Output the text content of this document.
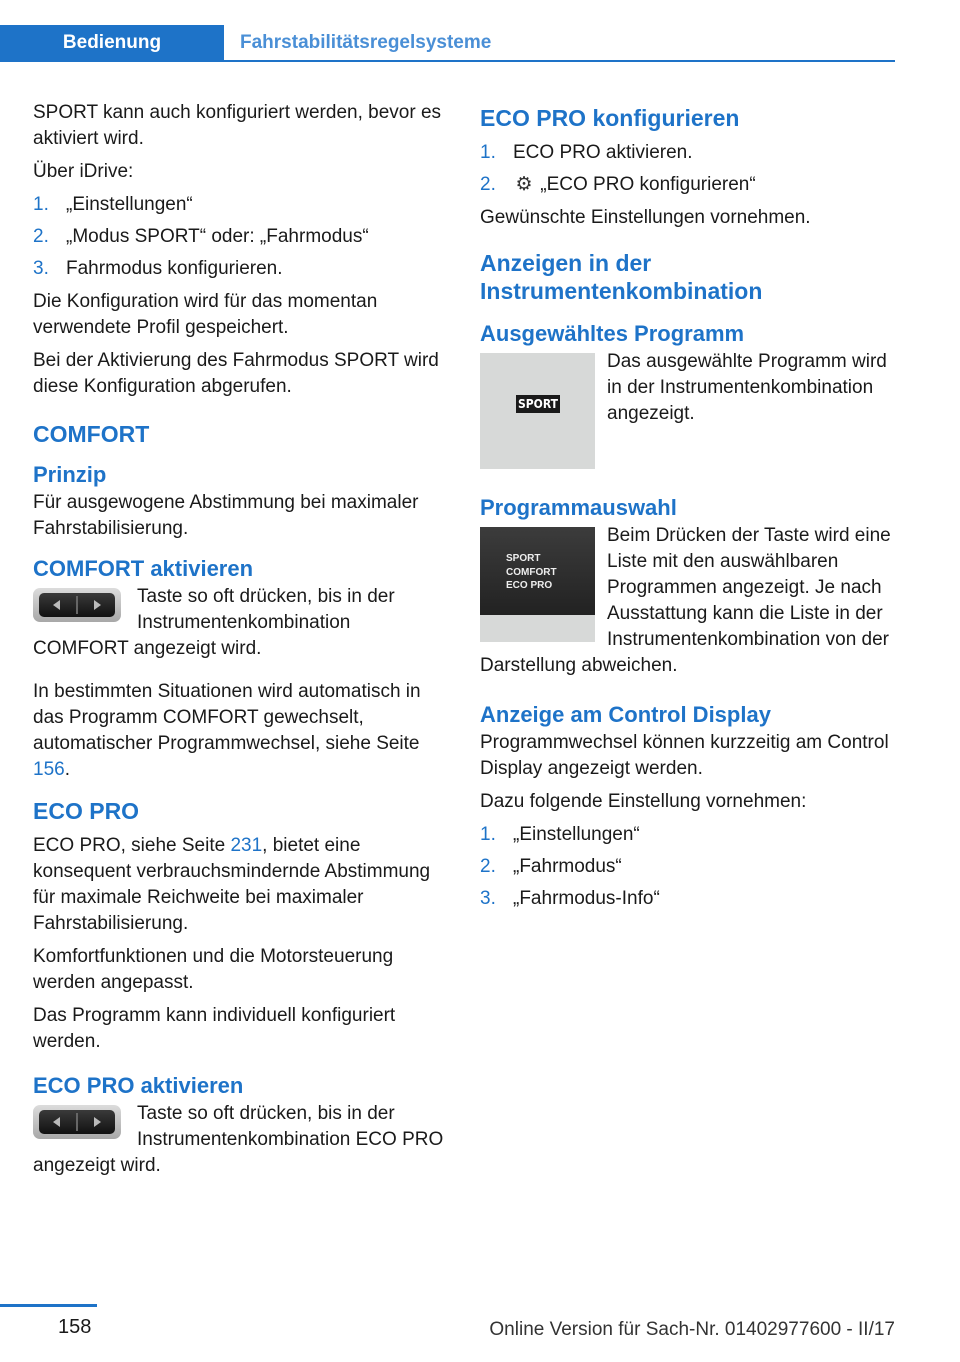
Bedienung	Fahrstabilitätsregelsysteme

SPORT kann auch konfiguriert werden, bevor es aktiviert wird.

Über iDrive:

1. „Einstellungen“
2. „Modus SPORT“ oder: „Fahrmodus“
3. Fahrmodus konfigurieren.

Die Konfiguration wird für das momentan verwendete Profil gespeichert.

Bei der Aktivierung des Fahrmodus SPORT wird diese Konfiguration abgerufen.

COMFORT
Prinzip

Für ausgewogene Abstimmung bei maximaler Fahrstabilisierung.

COMFORT aktivieren

Taste so oft drücken, bis in der Instrumentenkombination COMFORT angezeigt wird.

In bestimmten Situationen wird automatisch in das Programm COMFORT gewechselt, automatischer Programmwechsel, siehe Seite 156.

ECO PRO

ECO PRO, siehe Seite 231, bietet eine konsequent verbrauchsmindernde Abstimmung für maximale Reichweite bei maximaler Fahrstabilisierung.

Komfortfunktionen und die Motorsteuerung werden angepasst.

Das Programm kann individuell konfiguriert werden.

ECO PRO aktivieren

Taste so oft drücken, bis in der Instrumentenkombination ECO PRO angezeigt wird.

ECO PRO konfigurieren
1. ECO PRO aktivieren.
2. ⚙ „ECO PRO konfigurieren“

Gewünschte Einstellungen vornehmen.

Anzeigen in der Instrumentenkombination
Ausgewähltes Programm
SPORT

Das ausgewählte Programm wird in der Instrumentenkombination angezeigt.

Programmauswahl
SPORT
COMFORT
ECO PRO

Beim Drücken der Taste wird eine Liste mit den auswählbaren Programmen angezeigt. Je nach Ausstattung kann die Liste in der Instrumentenkombination von der Darstellung abweichen.

Anzeige am Control Display

Programmwechsel können kurzzeitig am Control Display angezeigt werden.

Dazu folgende Einstellung vornehmen:

1. „Einstellungen“
2. „Fahrmodus“
3. „Fahrmodus-Info“
158	Online Version für Sach-Nr. 01402977600 - II/17
